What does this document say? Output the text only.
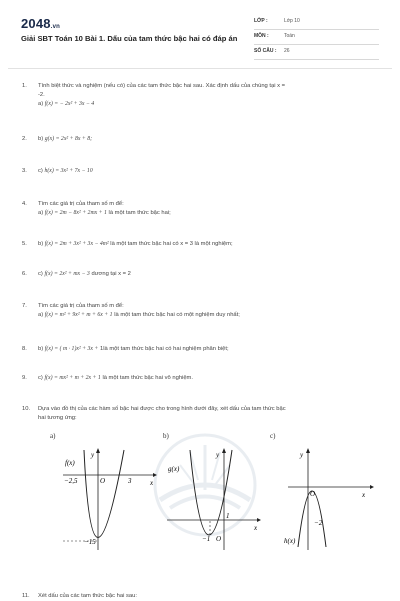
2048.vn
Giải SBT Toán 10 Bài 1. Dấu của tam thức bậc hai có đáp án
LỚP :	Lớp 10
MÔN :	Toán
SỐ CÂU : 26
1.	Tính biệt thức và nghiệm (nếu có) của các tam thức bậc hai sau. Xác định dấu của chúng tại x =
-2.
a) f(x) = − 2x² + 3x − 4
2.	b) g(x) = 2x² + 8x + 8;
3.	c) h(x) = 3x² + 7x − 10
4.	Tìm các giá trị của tham số m để:
a) f(x) = 2m − 8x² + 2mx + 1 là một tam thức bậc hai;
5.	b) f(x) = 2m + 3x² + 3x − 4m² là một tam thức bậc hai có x = 3 là một nghiệm;
6.	c) f(x) = 2x² + mx − 3 dương tại x = 2
7.	Tìm các giá trị của tham số m để:
a) f(x) = m² + 9x² + m + 6x + 1 là một tam thức bậc hai có một nghiệm duy nhất;
8.	b) f(x) = ( m · 1)x² + 3x + 1là một tam thức bậc hai có hai nghiệm phân biệt;
9.	c) f(x) = mx² + m + 2x + 1 là một tam thức bậc hai vô nghiệm.
10.	Dựa vào đồ thị của các hàm số bậc hai được cho trong hình dưới đây, xét dấu của tam thức bậc
hai tương ứng:
a)	b)	c)
f(x)
y
x
O
−2,5	3
−15
g(x)
y
x
1
−1 O
y
x
O
−2
h(x)
11.	Xét dấu của các tam thức bậc hai sau:
